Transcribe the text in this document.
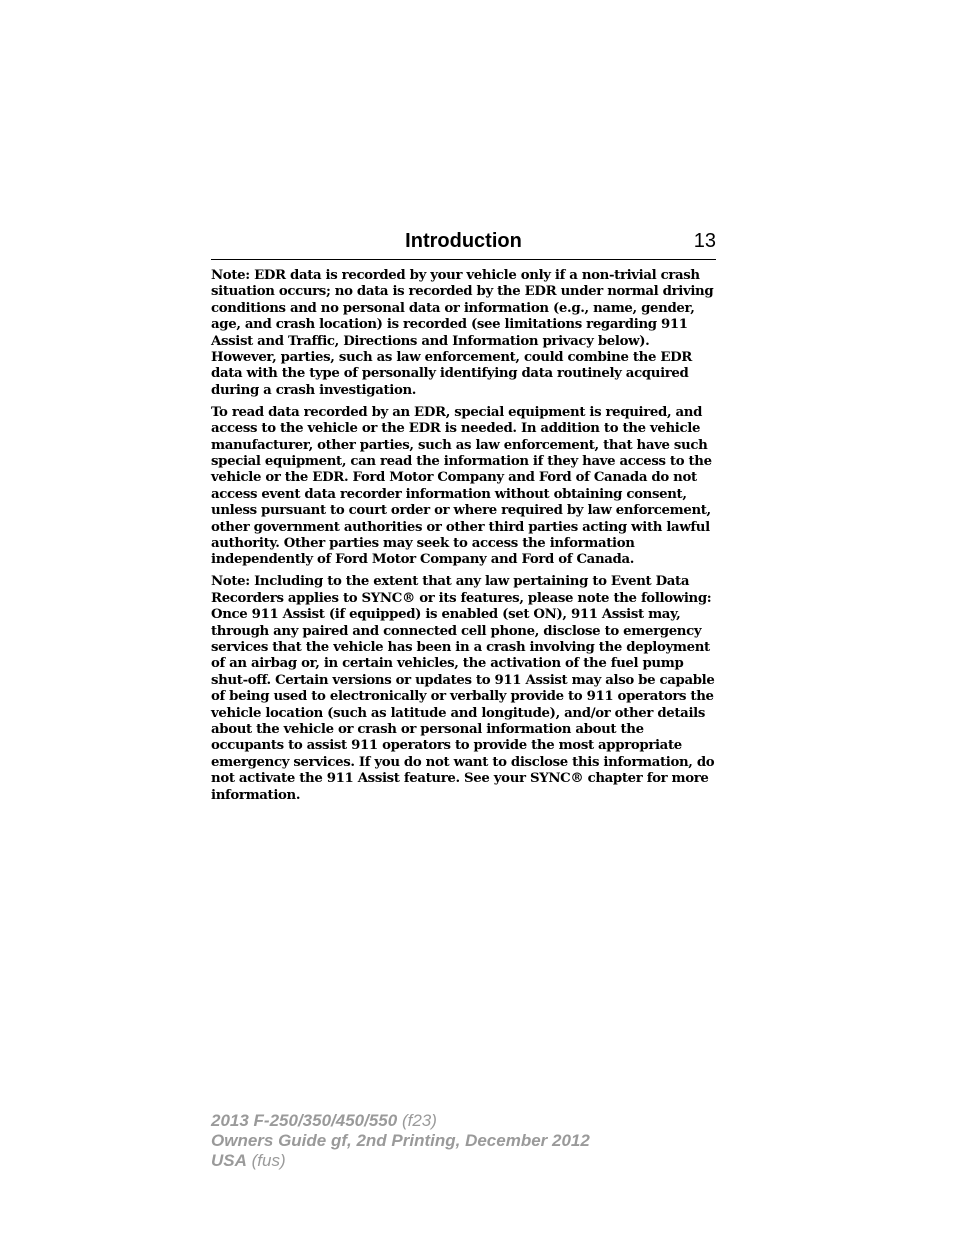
Introduction	13

Note: EDR data is recorded by your vehicle only if a non-trivial crash situation occurs; no data is recorded by the EDR under normal driving conditions and no personal data or information (e.g., name, gender, age, and crash location) is recorded (see limitations regarding 911 Assist and Traffic, Directions and Information privacy below). However, parties, such as law enforcement, could combine the EDR data with the type of personally identifying data routinely acquired during a crash investigation.

To read data recorded by an EDR, special equipment is required, and access to the vehicle or the EDR is needed. In addition to the vehicle manufacturer, other parties, such as law enforcement, that have such special equipment, can read the information if they have access to the vehicle or the EDR. Ford Motor Company and Ford of Canada do not access event data recorder information without obtaining consent, unless pursuant to court order or where required by law enforcement, other government authorities or other third parties acting with lawful authority. Other parties may seek to access the information independently of Ford Motor Company and Ford of Canada.

Note: Including to the extent that any law pertaining to Event Data Recorders applies to SYNC® or its features, please note the following: Once 911 Assist (if equipped) is enabled (set ON), 911 Assist may, through any paired and connected cell phone, disclose to emergency services that the vehicle has been in a crash involving the deployment of an airbag or, in certain vehicles, the activation of the fuel pump shut-off. Certain versions or updates to 911 Assist may also be capable of being used to electronically or verbally provide to 911 operators the vehicle location (such as latitude and longitude), and/or other details about the vehicle or crash or personal information about the occupants to assist 911 operators to provide the most appropriate emergency services. If you do not want to disclose this information, do not activate the 911 Assist feature. See your SYNC® chapter for more information.

2013 F-250/350/450/550 (f23)
Owners Guide gf, 2nd Printing, December 2012
USA (fus)
